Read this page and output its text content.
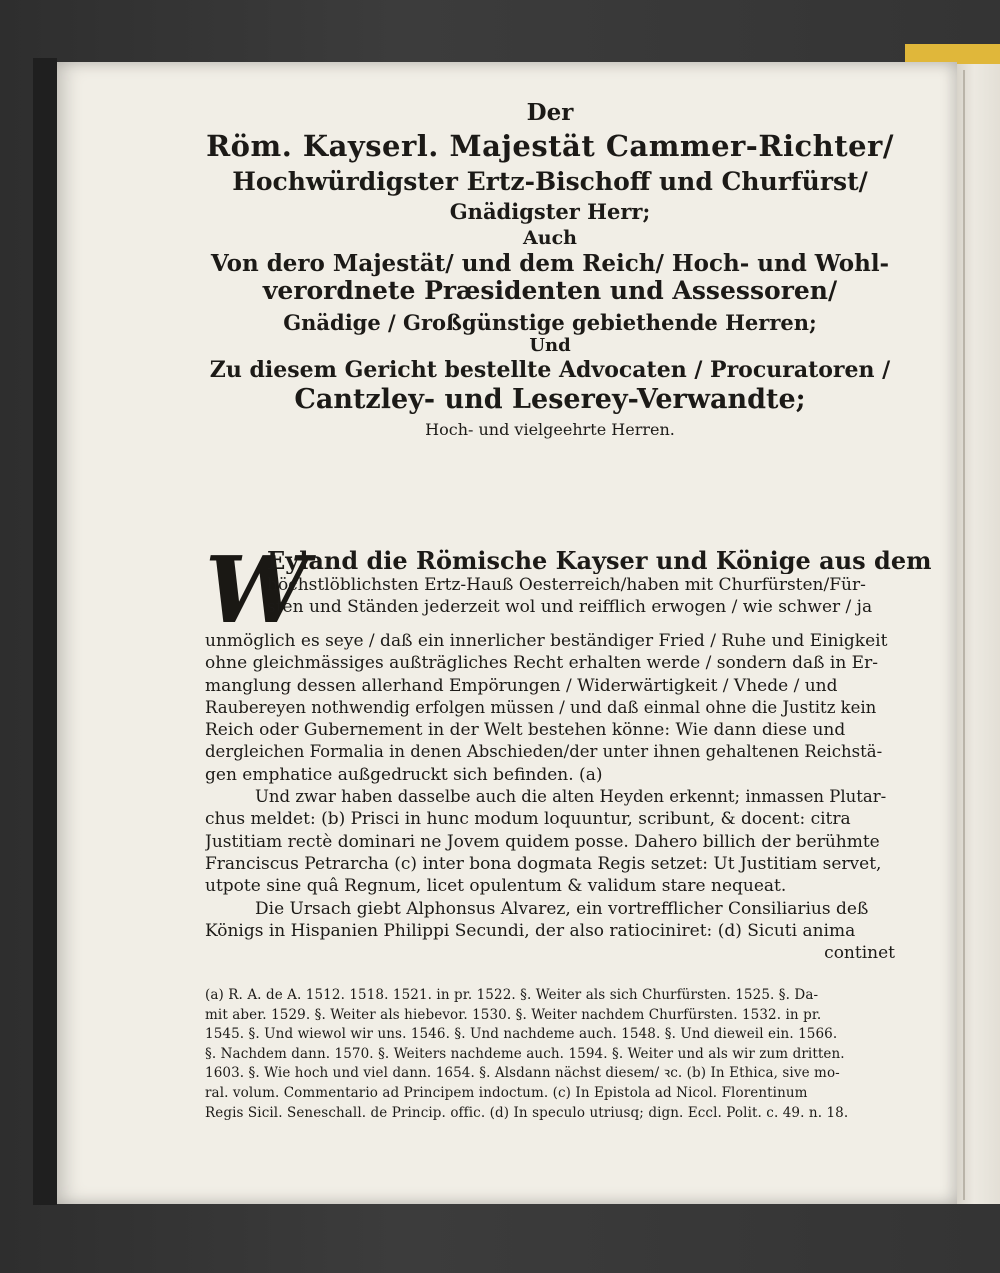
Der

Röm. Kayserl. Majestät Cammer-Richter/

Hochwürdigster Ertz-Bischoff und Churfürst/

Gnädigster Herr;

Auch

Von dero Majestät/ und dem Reich/ Hoch- und Wohl-

verordnete Præsidenten und Assessoren/

Gnädige / Großgünstige gebiethende Herren;

Und

Zu diesem Gericht bestellte Advocaten / Procuratoren /

Cantzley- und Leserey-Verwandte;

Hoch- und vielgeehrte Herren.

W
Eyland die Römische Kayser und Könige aus dem
höchstlöblichsten Ertz-Hauß Oesterreich/haben mit Churfürsten/Für-
sten und Ständen jederzeit wol und reifflich erwogen / wie schwer / ja
unmöglich es seye / daß ein innerlicher beständiger Fried / Ruhe und Einigkeit
ohne gleichmässiges außträgliches Recht erhalten werde / sondern daß in Er-
manglung dessen allerhand Empörungen / Widerwärtigkeit / Vhede / und
Raubereyen nothwendig erfolgen müssen / und daß einmal ohne die Justitz kein
Reich oder Gubernement in der Welt bestehen könne: Wie dann diese und
dergleichen Formalia in denen Abschieden/der unter ihnen gehaltenen Reichstä-
gen emphatice außgedruckt sich befinden. (a)
Und zwar haben dasselbe auch die alten Heyden erkennt; inmassen Plutar-
chus meldet: (b) Prisci in hunc modum loquuntur, scribunt, & docent: citra
Justitiam rectè dominari ne Jovem quidem posse. Dahero billich der berühmte
Franciscus Petrarcha (c) inter bona dogmata Regis setzet: Ut Justitiam servet,
utpote sine quâ Regnum, licet opulentum & validum stare nequeat.
Die Ursach giebt Alphonsus Alvarez, ein vortrefflicher Consiliarius deß
Königs in Hispanien Philippi Secundi, der also ratiociniret: (d) Sicuti anima
continet
(a) R. A. de A. 1512. 1518. 1521. in pr. 1522. §. Weiter als sich Churfürsten. 1525. §. Da-
mit aber. 1529. §. Weiter als hiebevor. 1530. §. Weiter nachdem Churfürsten. 1532. in pr.
1545. §. Und wiewol wir uns. 1546. §. Und nachdeme auch. 1548. §. Und dieweil ein. 1566.
§. Nachdem dann. 1570. §. Weiters nachdeme auch. 1594. §. Weiter und als wir zum dritten.
1603. §. Wie hoch und viel dann. 1654. §. Alsdann nächst diesem/ ꝛc. (b) In Ethica, sive mo-
ral. volum. Commentario ad Principem indoctum. (c) In Epistola ad Nicol. Florentinum
Regis Sicil. Seneschall. de Princip. offic. (d) In speculo utriusq; dign. Eccl. Polit. c. 49. n. 18.
